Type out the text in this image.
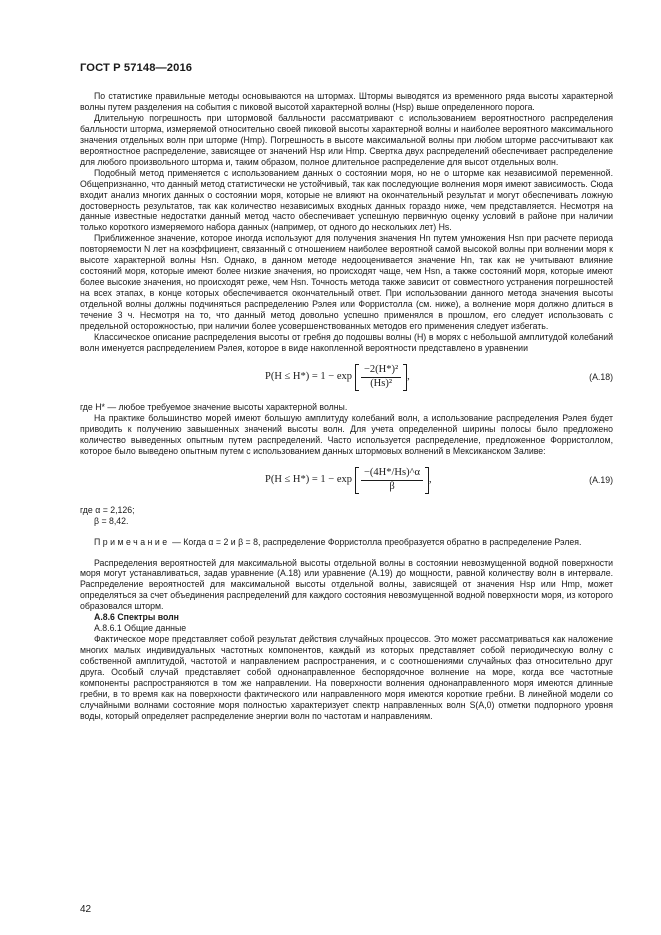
ГОСТ Р 57148—2016

По статистике правильные методы основываются на штормах. Штормы выводятся из временного ряда высоты характерной волны путем разделения на события с пиковой высотой характерной волны (Hsp) выше определенного порога.

Длительную погрешность при штормовой балльности рассматривают с использованием вероятностного распределения балльности шторма, измеряемой относительно своей пиковой высоты характерной волны и наиболее вероятного максимального значения отдельных волн при шторме (Hmp). Погрешность в высоте максимальной волны при любом шторме рассчитывают как вероятностное распределение, зависящее от значений Hsp или Hmp. Свертка двух распределений обеспечивает распределение для любого произвольного шторма и, таким образом, полное длительное распределение для высот отдельных волн.

Подобный метод применяется с использованием данных о состоянии моря, но не о шторме как независимой переменной. Общепризнанно, что данный метод статистически не устойчивый, так как последующие волнения моря имеют зависимость. Сюда входит анализ многих данных о состоянии моря, которые не влияют на окончательный результат и могут обеспечивать ложную достоверность результатов, так как количество независимых входных данных гораздо ниже, чем представляется. Несмотря на данные известные недостатки данный метод часто обеспечивает успешную первичную оценку условий в районе при наличии только короткого измеряемого набора данных (например, от одного до нескольких лет) Hs.

Приближенное значение, которое иногда используют для получения значения Hn путем умножения Hsn при расчете периода повторяемости N лет на коэффициент, связанный с отношением наиболее вероятной самой высокой волны при волнении моря к высоте характерной волны Hsn. Однако, в данном методе недооценивается значение Hn, так как не учитывают влияние состояний моря, которые имеют более низкие значения, но происходят чаще, чем Hsn, а также состояний моря, которые имеют более высокие значения, но происходят реже, чем Hsn. Точность метода также зависит от совместного устранения погрешностей на всех этапах, в конце которых обеспечивается окончательный ответ. При использовании данного метода значения высоты отдельной волны должны подчиняться распределению Рэлея или Форристолла (см. ниже), а волнение моря должно длиться в течение 3 ч. Несмотря на то, что данный метод довольно успешно применялся в прошлом, его следует использовать с предельной осторожностью, при наличии более усовершенствованных методов его применения следует избегать.

Классическое описание распределения высоты от гребня до подошвы волны (H) в морях с небольшой амплитудой колебаний волн именуется распределением Рэлея, которое в виде накопленной вероятности представлено в уравнении

$P(H \le H*) = 1 - \exp \frac{\text{−2(H*)²}}{\text{(Hs)²}}$ ,	(А.18)

где H* — любое требуемое значение высоты характерной волны.

На практике большинство морей имеют большую амплитуду колебаний волн, а использование распределения Рэлея будет приводить к получению завышенных значений высоты волн. Для учета определенной ширины полосы было предложено количество выведенных опытным путем распределений. Часто используется распределение, предложенное Форристоллом, которое было выведено опытным путем с использованием данных штормовых волнений в Мексиканском Заливе:

$P(H \le H*) = 1 - \exp \frac{-(4H*/Hs)\^{}\alpha}{\beta}$ ,	(А.19)

где α = 2,126;

β = 8,42.

Примечание — Когда α = 2 и β = 8, распределение Форристолла преобразуется обратно в распределение Рэлея.

Распределения вероятностей для максимальной высоты отдельной волны в состоянии невозмущенной водной поверхности моря могут устанавливаться, задав уравнение (А.18) или уравнение (А.19) до мощности, равной количеству волн в интервале. Распределение вероятностей для максимальной высоты отдельной волны, зависящей от значения Hsp или Hmp, может определяться за счет объединения распределений для каждого состояния невозмущенной водной поверхности моря, из которого образовался шторм.

А.8.6 Спектры волн

А.8.6.1 Общие данные

Фактическое море представляет собой результат действия случайных процессов. Это может рассматриваться как наложение многих малых индивидуальных частотных компонентов, каждый из которых представляет собой периодическую волну с собственной амплитудой, частотой и направлением распространения, и с соотношениями случайных фаз относительно друг друга. Особый случай представляет собой однонаправленное беспорядочное волнение на море, когда все частотные компоненты распространяются в том же направлении. На поверхности волнения однонаправленного моря имеются длинные гребни, в то время как на поверхности фактического или направленного моря имеются короткие гребни. В линейной модели со случайными волнами состояние моря полностью характеризует спектр направленных волн S(A,0) отметки подпорного уровня воды, который определяет распределение энергии волн по частотам и направлениям.

42
